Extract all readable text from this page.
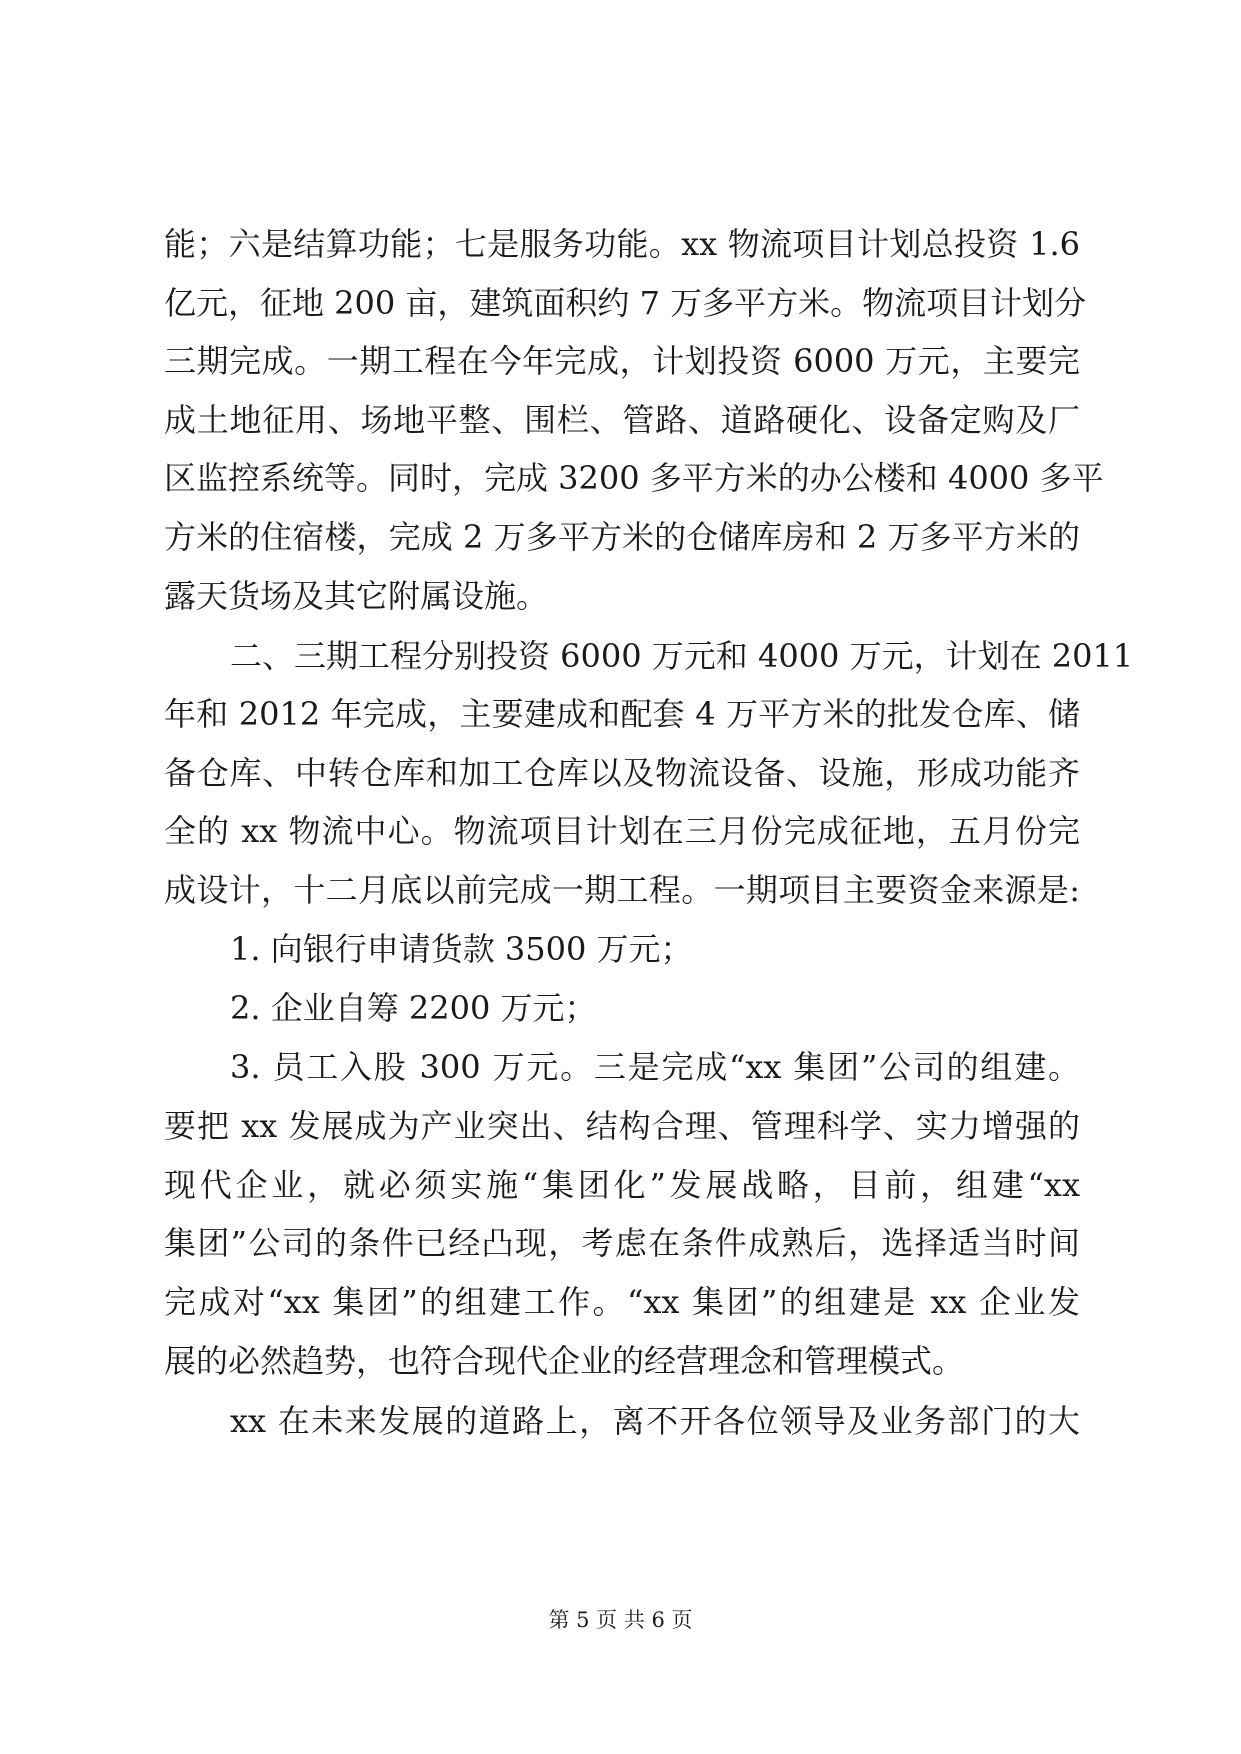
能；六是结算功能；七是服务功能。xx 物流项目计划总投资 1.6
亿元，征地 200 亩，建筑面积约 7 万多平方米。物流项目计划分
三期完成。一期工程在今年完成，计划投资 6000 万元，主要完
成土地征用、场地平整、围栏、管路、道路硬化、设备定购及厂
区监控系统等。同时，完成 3200 多平方米的办公楼和 4000 多平
方米的住宿楼，完成 2 万多平方米的仓储库房和 2 万多平方米的
露天货场及其它附属设施。
二、三期工程分别投资 6000 万元和 4000 万元，计划在 2011
年和 2012 年完成，主要建成和配套 4 万平方米的批发仓库、储
备仓库、中转仓库和加工仓库以及物流设备、设施，形成功能齐
全的 xx 物流中心。物流项目计划在三月份完成征地，五月份完
成设计，十二月底以前完成一期工程。一期项目主要资金来源是:
1. 向银行申请货款 3500 万元；
2. 企业自筹 2200 万元；
3. 员工入股 300 万元。三是完成“xx 集团”公司的组建。
要把 xx 发展成为产业突出、结构合理、管理科学、实力增强的
现代企业，就必须实施“集团化”发展战略，目前，组建“xx
集团”公司的条件已经凸现，考虑在条件成熟后，选择适当时间
完成对“xx 集团”的组建工作。“xx 集团”的组建是 xx 企业发
展的必然趋势，也符合现代企业的经营理念和管理模式。
xx 在未来发展的道路上，离不开各位领导及业务部门的大
第 5 页 共 6 页
